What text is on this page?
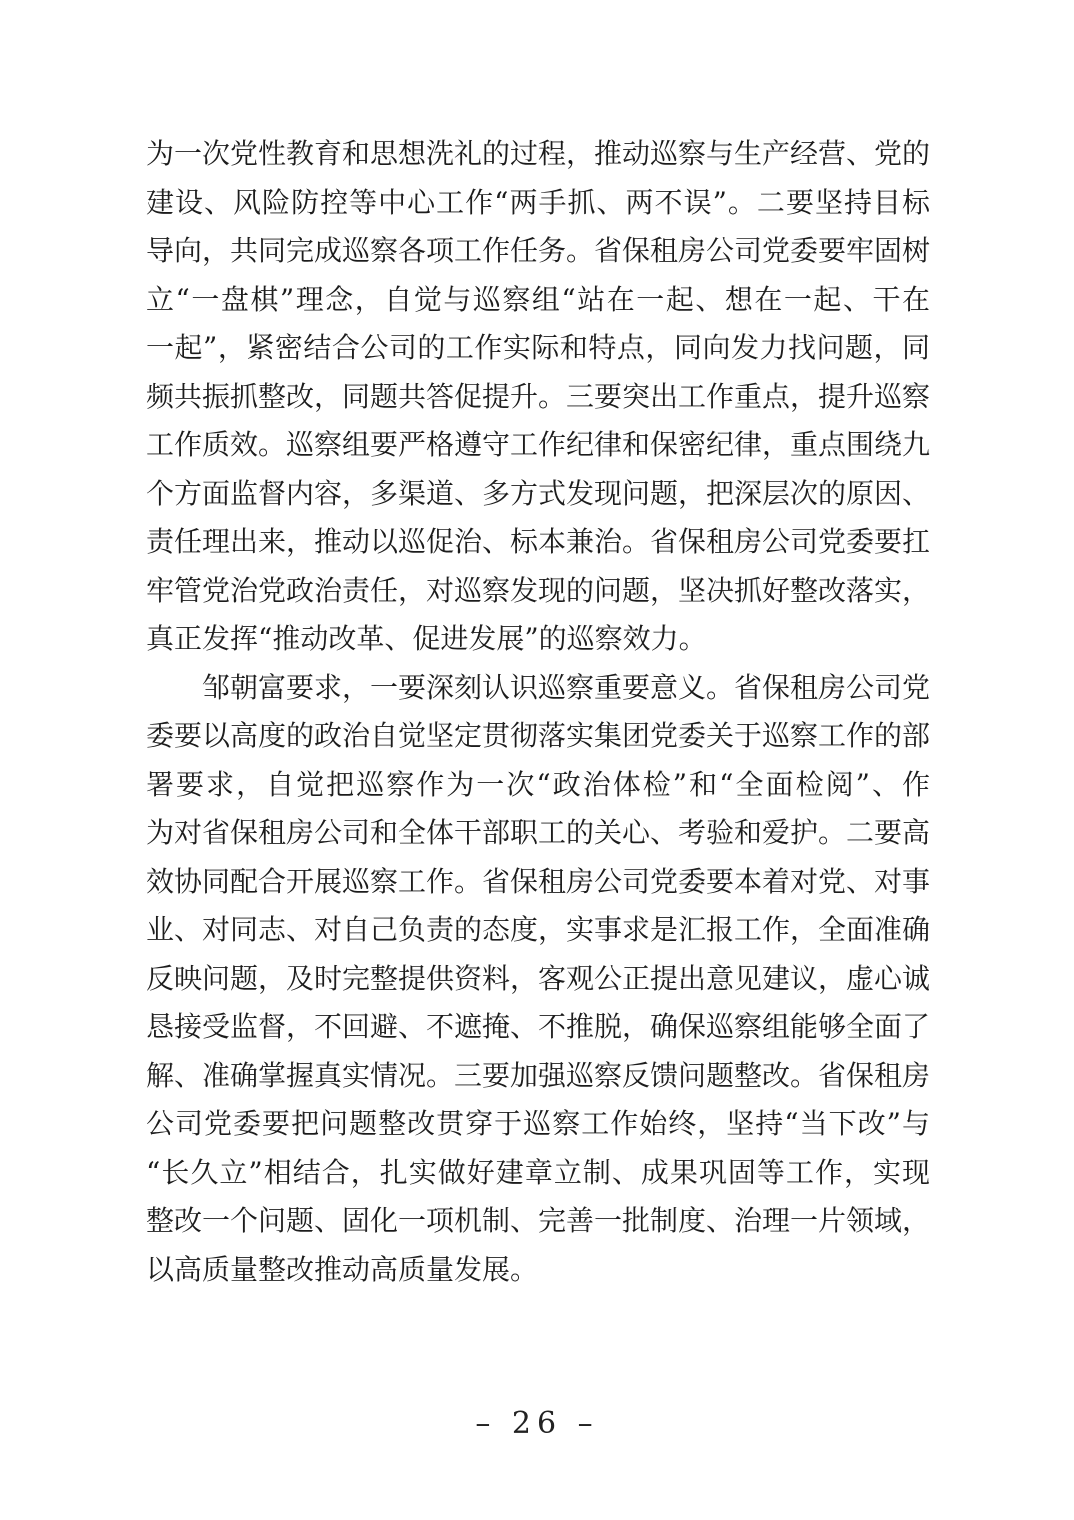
为一次党性教育和思想洗礼的过程，推动巡察与生产经营、党的
建设、风险防控等中心工作“两手抓、两不误”。二要坚持目标
导向，共同完成巡察各项工作任务。省保租房公司党委要牢固树
立“一盘棋”理念，自觉与巡察组“站在一起、想在一起、干在
一起”，紧密结合公司的工作实际和特点，同向发力找问题，同
频共振抓整改，同题共答促提升。三要突出工作重点，提升巡察
工作质效。巡察组要严格遵守工作纪律和保密纪律，重点围绕九
个方面监督内容，多渠道、多方式发现问题，把深层次的原因、
责任理出来，推动以巡促治、标本兼治。省保租房公司党委要扛
牢管党治党政治责任，对巡察发现的问题，坚决抓好整改落实，
真正发挥“推动改革、促进发展”的巡察效力。
邹朝富要求，一要深刻认识巡察重要意义。省保租房公司党
委要以高度的政治自觉坚定贯彻落实集团党委关于巡察工作的部
署要求，自觉把巡察作为一次“政治体检”和“全面检阅”、作
为对省保租房公司和全体干部职工的关心、考验和爱护。二要高
效协同配合开展巡察工作。省保租房公司党委要本着对党、对事
业、对同志、对自己负责的态度，实事求是汇报工作，全面准确
反映问题，及时完整提供资料，客观公正提出意见建议，虚心诚
恳接受监督，不回避、不遮掩、不推脱，确保巡察组能够全面了
解、准确掌握真实情况。三要加强巡察反馈问题整改。省保租房
公司党委要把问题整改贯穿于巡察工作始终，坚持“当下改”与
“长久立”相结合，扎实做好建章立制、成果巩固等工作，实现
整改一个问题、固化一项机制、完善一批制度、治理一片领域，
以高质量整改推动高质量发展。
– 26 –
